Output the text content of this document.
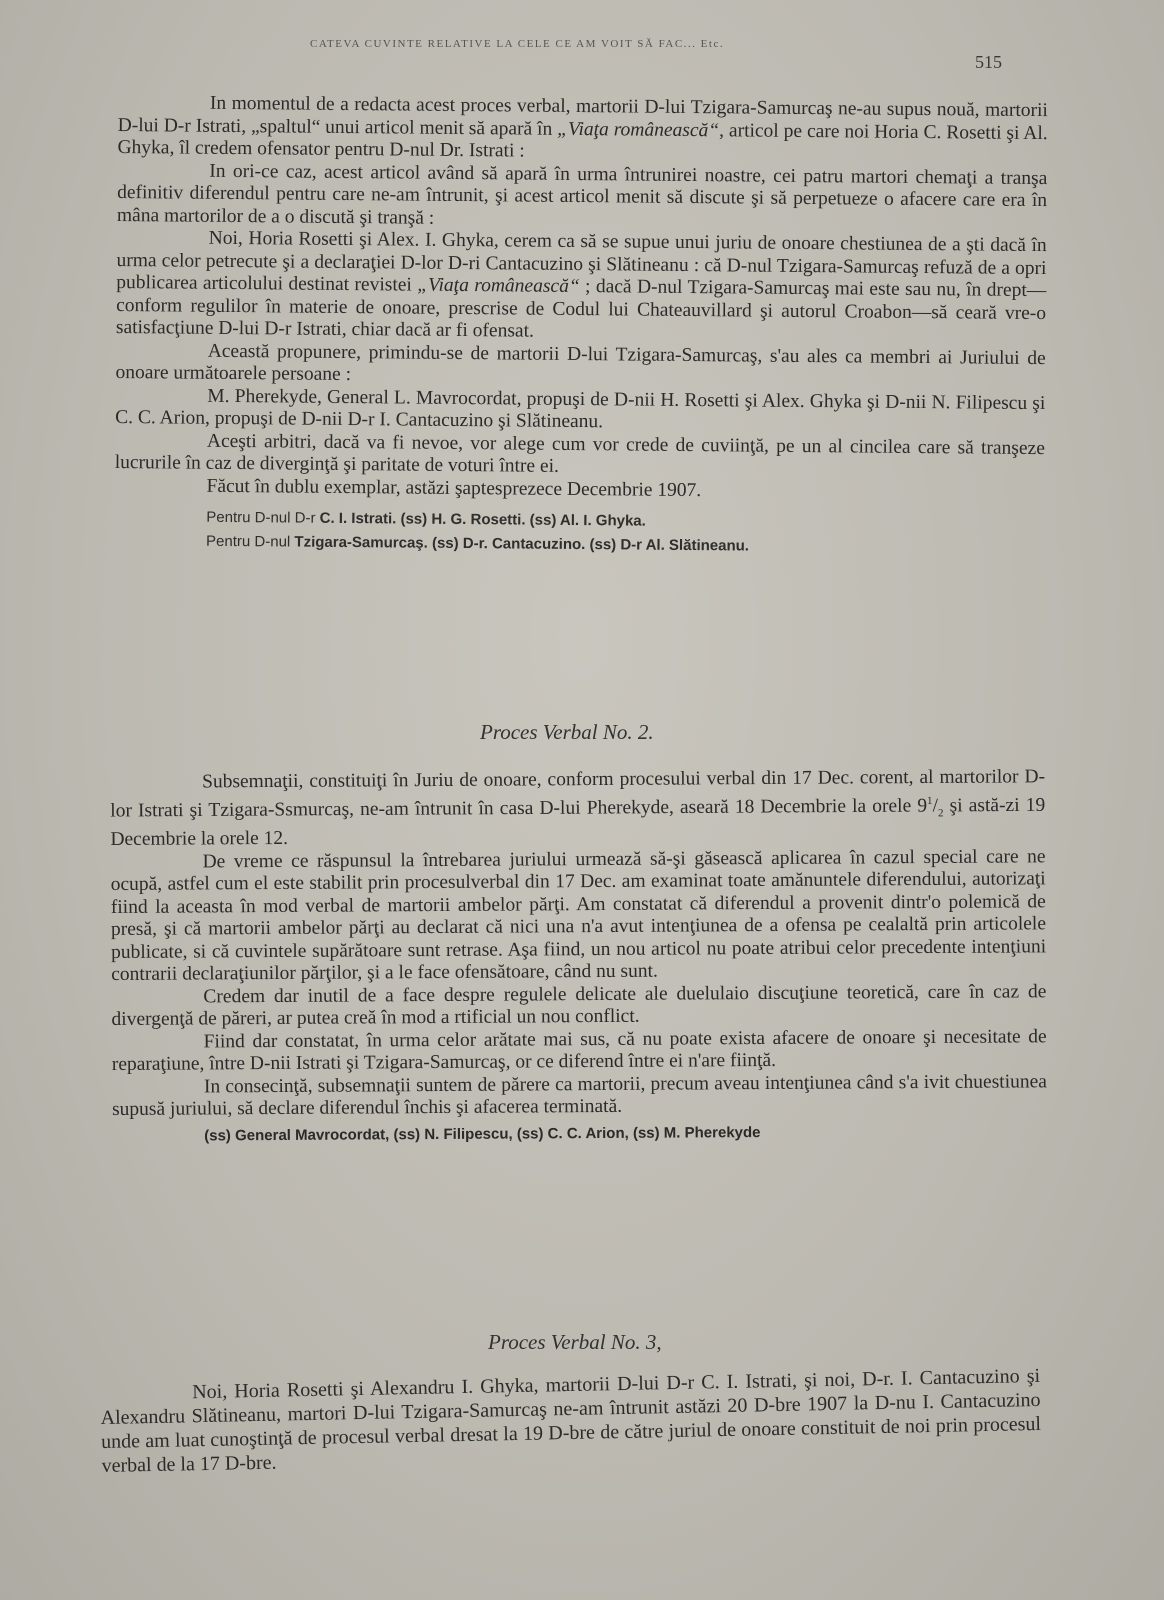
CATEVA CUVINTE RELATIVE LA CELE CE AM VOIT SĂ FAC... Etc.
515

In momentul de a redacta acest proces verbal, martorii D-lui Tzigara-Samurcaş ne-au supus nouă, martorii D-lui D-r Istrati, „spaltul“ unui articol menit să apară în „Viaţa românească“, articol pe care noi Horia C. Rosetti şi Al. Ghyka, îl credem ofensator pentru D-nul Dr. Istrati :

In ori-ce caz, acest articol având să apară în urma întrunirei noastre, cei patru martori chemaţi a tranşa definitiv diferendul pentru care ne-am întrunit, şi acest articol menit să discute şi să perpetueze o afacere care era în mâna martorilor de a o discută şi tranşă :

Noi, Horia Rosetti şi Alex. I. Ghyka, cerem ca să se supue unui juriu de onoare chestiunea de a şti dacă în urma celor petrecute şi a declaraţiei D-lor D-ri Cantacuzino şi Slătineanu : că D-nul Tzigara-Samurcaş refuză de a opri publicarea articolului destinat revistei „Viaţa românească“ ; dacă D-nul Tzigara-Samurcaş mai este sau nu, în drept—conform regulilor în materie de onoare, prescrise de Codul lui Chateauvillard şi autorul Croabon—să ceară vre-o satisfacţiune D-lui D-r Istrati, chiar dacă ar fi ofensat.

Această propunere, primindu-se de martorii D-lui Tzigara-Samurcaş, s'au ales ca membri ai Juriului de onoare următoarele persoane :

M. Pherekyde, General L. Mavrocordat, propuşi de D-nii H. Rosetti şi Alex. Ghyka şi D-nii N. Filipescu şi C. C. Arion, propuşi de D-nii D-r I. Cantacuzino şi Slătineanu.

Aceşti arbitri, dacă va fi nevoe, vor alege cum vor crede de cuviinţă, pe un al cincilea care să tranşeze lucrurile în caz de diverginţă şi paritate de voturi între ei.

Făcut în dublu exemplar, astăzi şaptesprezece Decembrie 1907.

Pentru D-nul D-r C. I. Istrati. (ss) H. G. Rosetti. (ss) Al. I. Ghyka.
Pentru D-nul Tzigara-Samurcaş. (ss) D-r. Cantacuzino. (ss) D-r Al. Slătineanu.
Proces Verbal No. 2.

Subsemnaţii, constituiţi în Juriu de onoare, conform procesului verbal din 17 Dec. corent, al martorilor D-lor Istrati şi Tzigara-Ssmurcaş, ne-am întrunit în casa D-lui Pherekyde, aseară 18 Decembrie la orele $9^1/_2$ şi astă-zi 19 Decembrie la orele 12.

De vreme ce răspunsul la întrebarea juriului urmează să-şi găsească aplicarea în cazul special care ne ocupă, astfel cum el este stabilit prin procesulverbal din 17 Dec. am examinat toate amănuntele diferendului, autorizaţi fiind la aceasta în mod verbal de martorii ambelor părţi. Am constatat că diferendul a provenit dintr'o polemică de presă, şi că martorii ambelor părţi au declarat că nici una n'a avut intenţiunea de a ofensa pe cealaltă prin articolele publicate, si că cuvintele supărătoare sunt retrase. Aşa fiind, un nou articol nu poate atribui celor precedente intenţiuni contrarii declaraţiunilor părţilor, şi a le face ofensătoare, când nu sunt.

Credem dar inutil de a face despre regulele delicate ale duelulaio discuţiune teoretică, care în caz de divergenţă de păreri, ar putea creă în mod a rtificial un nou conflict.

Fiind dar constatat, în urma celor arătate mai sus, că nu poate exista afacere de onoare şi necesitate de reparaţiune, între D-nii Istrati şi Tzigara-Samurcaş, or ce diferend între ei n'are fiinţă.

In consecinţă, subsemnaţii suntem de părere ca martorii, precum aveau intenţiunea când s'a ivit chuestiunea supusă juriului, să declare diferendul închis şi afacerea terminată.

(ss) General Mavrocordat, (ss) N. Filipescu, (ss) C. C. Arion, (ss) M. Pherekyde
Proces Verbal No. 3,

Noi, Horia Rosetti şi Alexandru I. Ghyka, martorii D-lui D-r C. I. Istrati, şi noi, D-r. I. Cantacuzino şi Alexandru Slătineanu, martori D-lui Tzigara-Samurcaş ne-am întrunit astăzi 20 D-bre 1907 la D-nu I. Cantacuzino unde am luat cunoştinţă de procesul verbal dresat la 19 D-bre de către juriul de onoare constituit de noi prin procesul verbal de la 17 D-bre.
